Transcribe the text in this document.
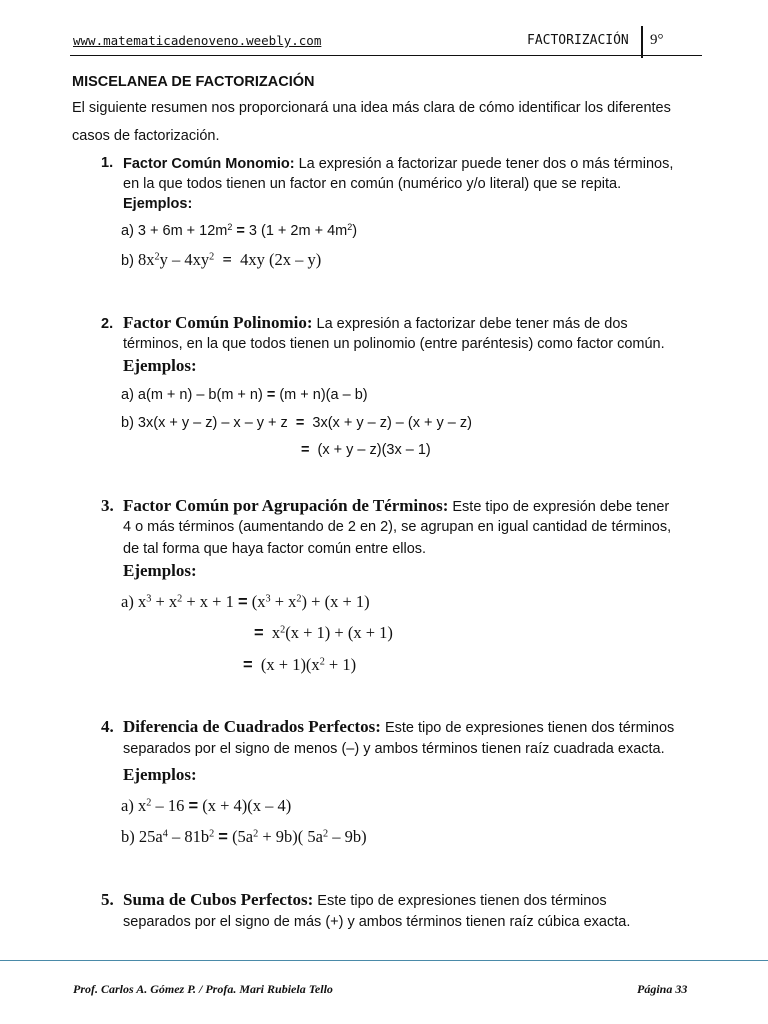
www.matematicadenoveno.weebly.com	FACTORIZACIÓN 9°
MISCELANEA DE FACTORIZACIÓN
El siguiente resumen nos proporcionará una idea más clara de cómo identificar los diferentes
casos de factorización.
1. Factor Común Monomio: La expresión a factorizar puede tener dos o más términos,
en la que todos tienen un factor en común (numérico y/o literal) que se repita.
Ejemplos:
a) $3 + 6m + 12m^2 = 3$ $(1 + 2m + 4m^2)$
b) $8x^2y - 4xy^2 = 4xy$ (2x – y)
2. Factor Común Polinomio: La expresión a factorizar debe tener más de dos
términos, en la que todos tienen un polinomio (entre paréntesis) como factor común.
Ejemplos:
a) a(m + n) – b(m + n) = (m + n)(a – b)
b) 3x(x + y – z) – x – y + z  =  3x(x + y – z) – (x + y – z)
=  (x + y – z)(3x – 1)
3. Factor Común por Agrupación de Términos: Este tipo de expresión debe tener
4 o más términos (aumentando de 2 en 2), se agrupan en igual cantidad de términos,
de tal forma que haya factor común entre ellos.
Ejemplos:
a) $x^3 + x^2 + x + 1 = (x^3 + x^2) + (x + 1)$
=  $x^2(x + 1) + (x + 1)$
=  $(x + 1)(x^2 + 1)$
4. Diferencia de Cuadrados Perfectos: Este tipo de expresiones tienen dos términos
separados por el signo de menos (–) y ambos términos tienen raíz cuadrada exacta.
Ejemplos:
a) $x^2 - 16 = (x + 4)(x - 4)$
b) $25a^4 - 81b^2 = (5a^2 + 9b)$( $5a^2 - 9b$)
5. Suma de Cubos Perfectos: Este tipo de expresiones tienen dos términos
separados por el signo de más (+) y ambos términos tienen raíz cúbica exacta.
Prof. Carlos A. Gómez P. / Profa. Mari Rubiela Tello	Página 33
